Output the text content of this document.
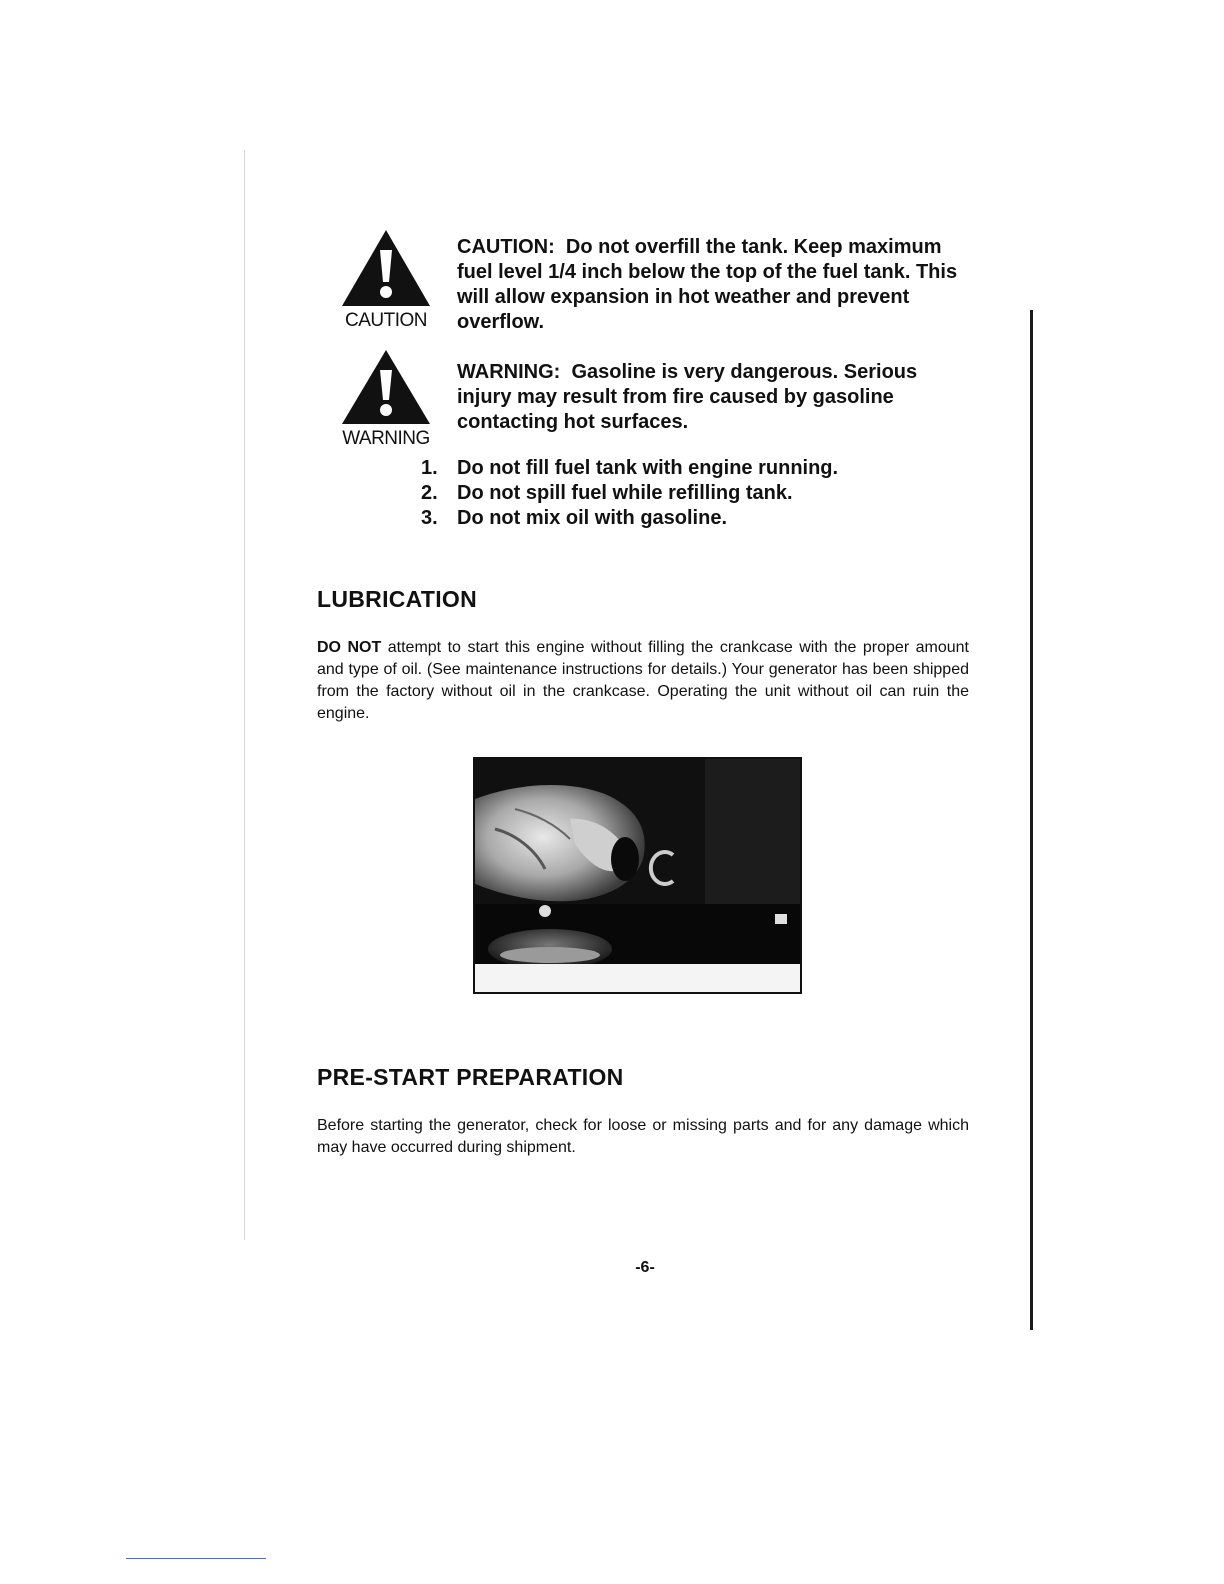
CAUTION
CAUTION: Do not overfill the tank. Keep maximum fuel level 1/4 inch below the top of the fuel tank. This will allow expansion in hot weather and prevent overflow.
WARNING
WARNING: Gasoline is very dangerous. Serious injury may result from fire caused by gasoline contacting hot surfaces.
1. Do not fill fuel tank with engine running.
2. Do not spill fuel while refilling tank.
3. Do not mix oil with gasoline.
LUBRICATION

DO NOT attempt to start this engine without filling the crankcase with the proper amount and type of oil. (See maintenance instructions for details.) Your generator has been shipped from the factory without oil in the crankcase. Operating the unit without oil can ruin the engine.

PRE-START PREPARATION

Before starting the generator, check for loose or missing parts and for any damage which may have occurred during shipment.

-6-
